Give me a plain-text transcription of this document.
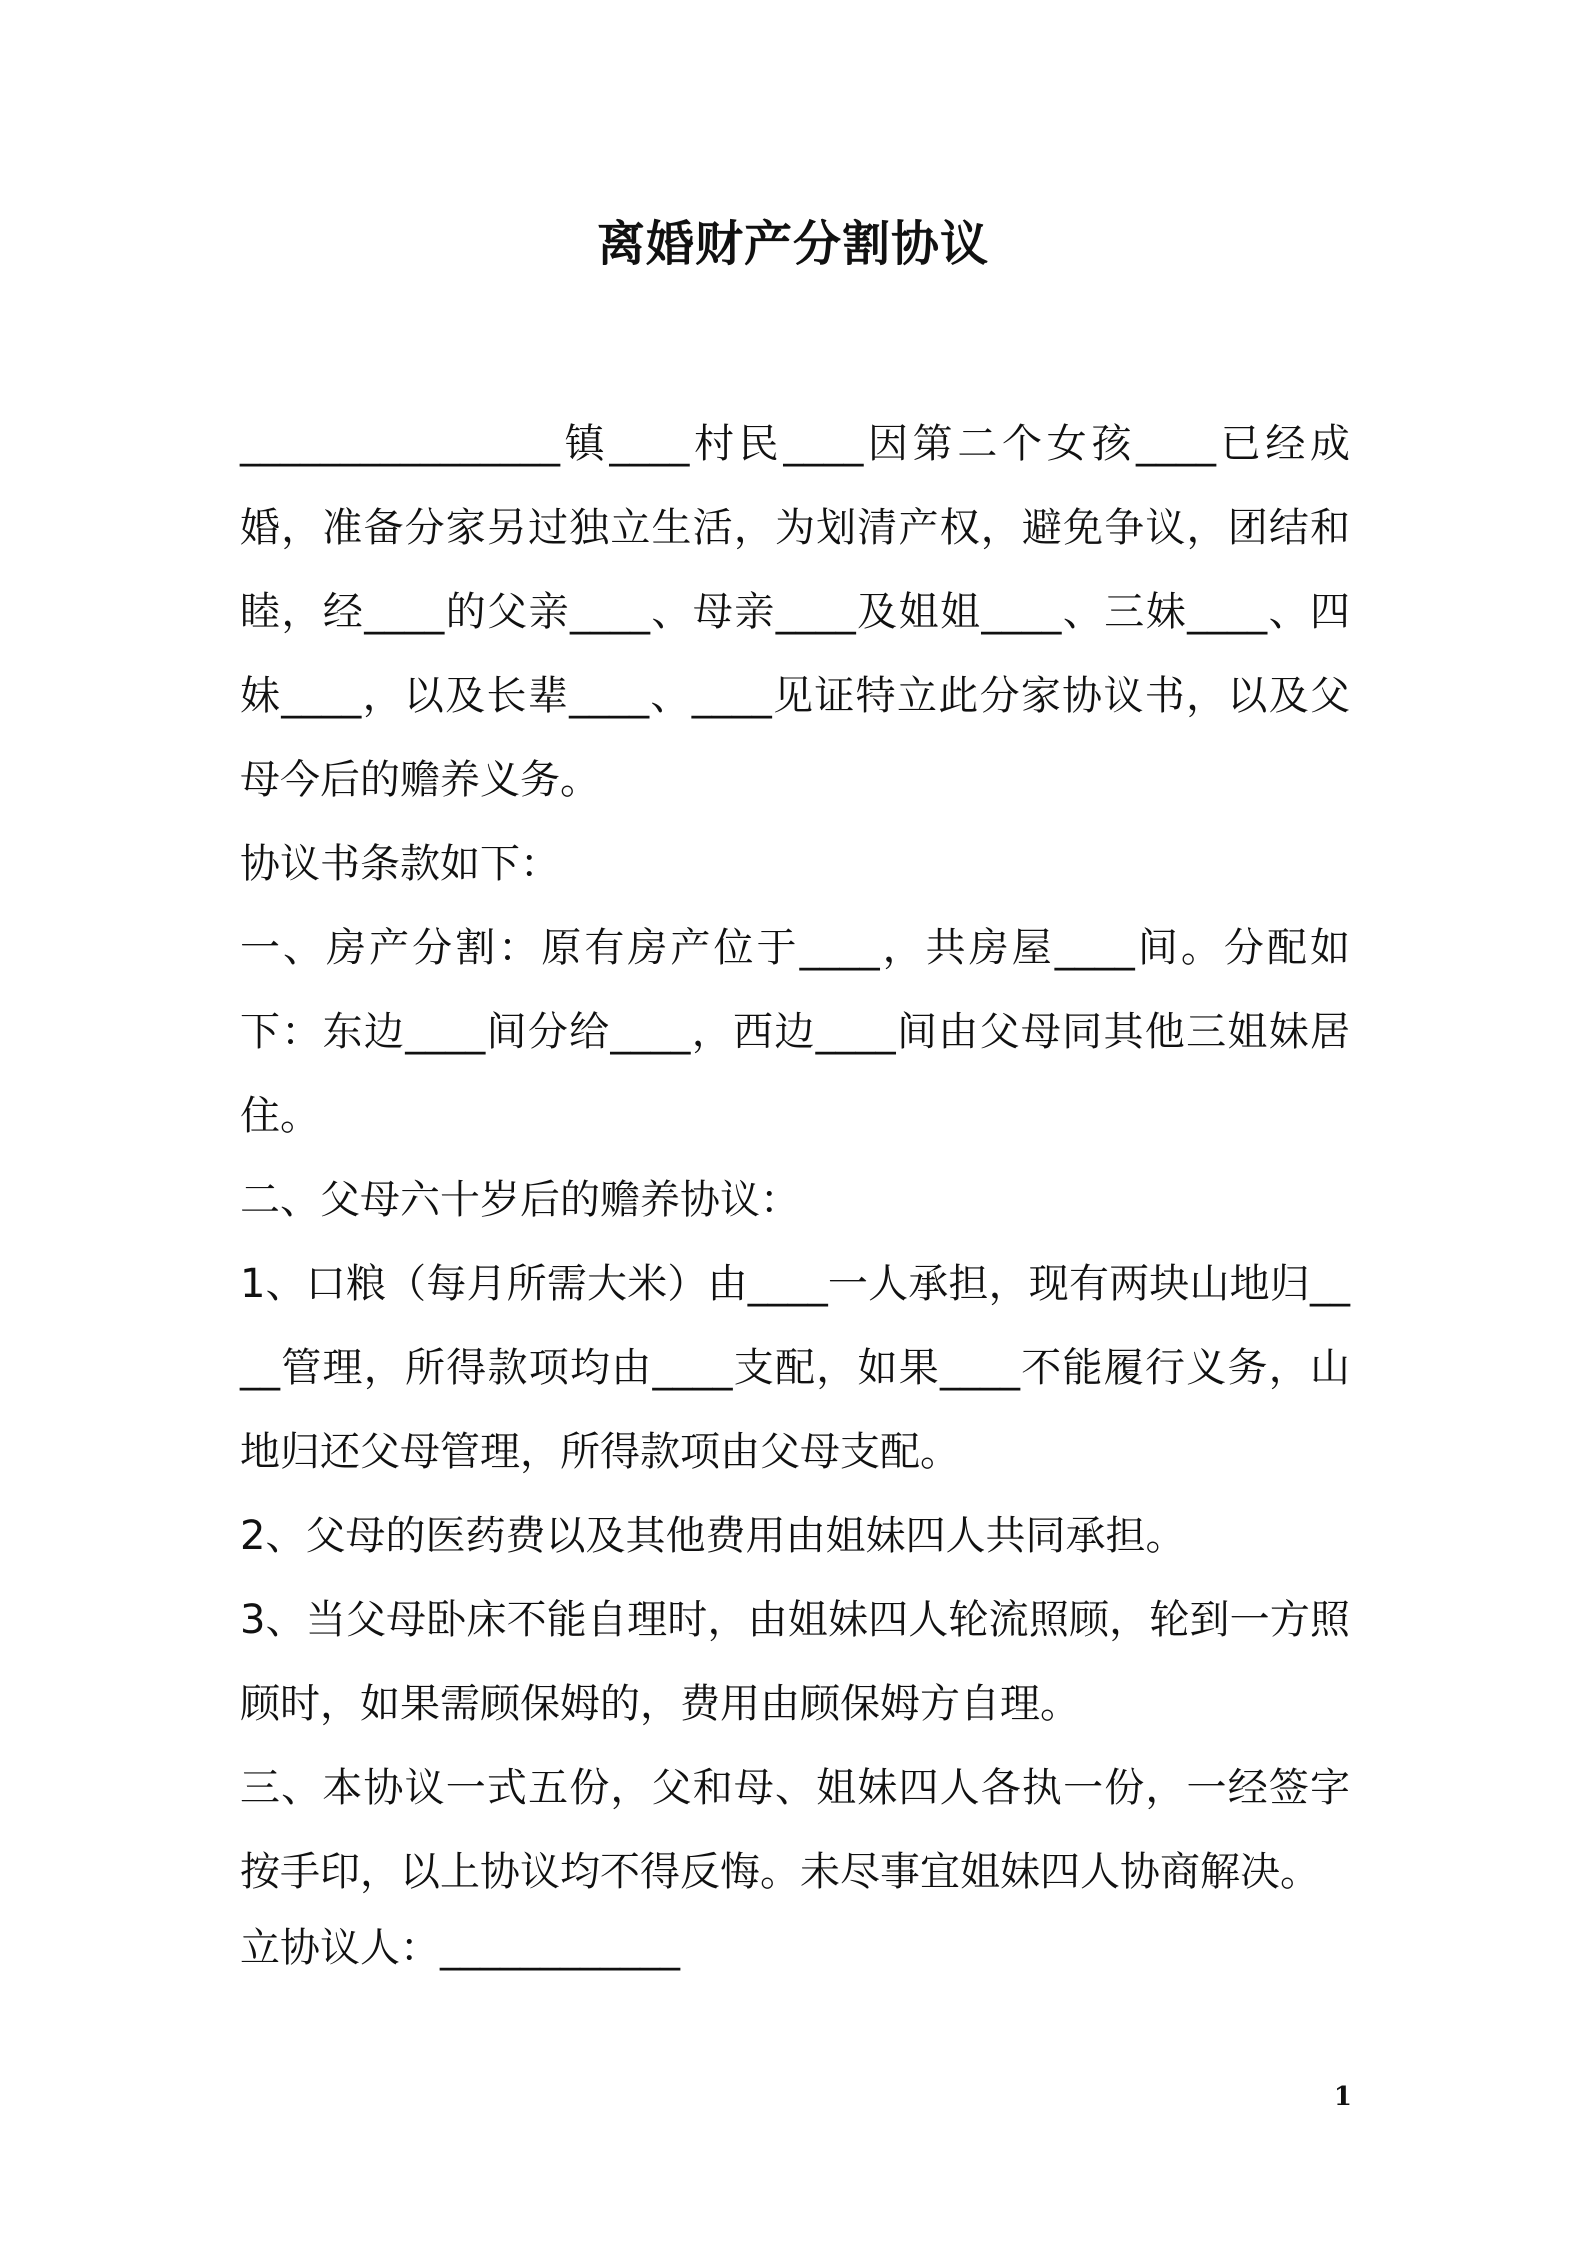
离婚财产分割协议

________________镇____村民____因第二个女孩____已经成婚，准备分家另过独立生活，为划清产权，避免争议，团结和睦，经____的父亲____、母亲____及姐姐____、三妹____、四妹____，以及长辈____、____见证特立此分家协议书，以及父母今后的赡养义务。

协议书条款如下：

一、房产分割：原有房产位于____，共房屋____间。分配如下：东边____间分给____，西边____间由父母同其他三姐妹居住。

二、父母六十岁后的赡养协议：

1、口粮（每月所需大米）由____一人承担，现有两块山地归____管理，所得款项均由____支配，如果____不能履行义务，山地归还父母管理，所得款项由父母支配。

2、父母的医药费以及其他费用由姐妹四人共同承担。

3、当父母卧床不能自理时，由姐妹四人轮流照顾，轮到一方照顾时，如果需顾保姆的，费用由顾保姆方自理。

三、本协议一式五份，父和母、姐妹四人各执一份，一经签字按手印，以上协议均不得反悔。未尽事宜姐妹四人协商解决。

立协议人：____________
1
